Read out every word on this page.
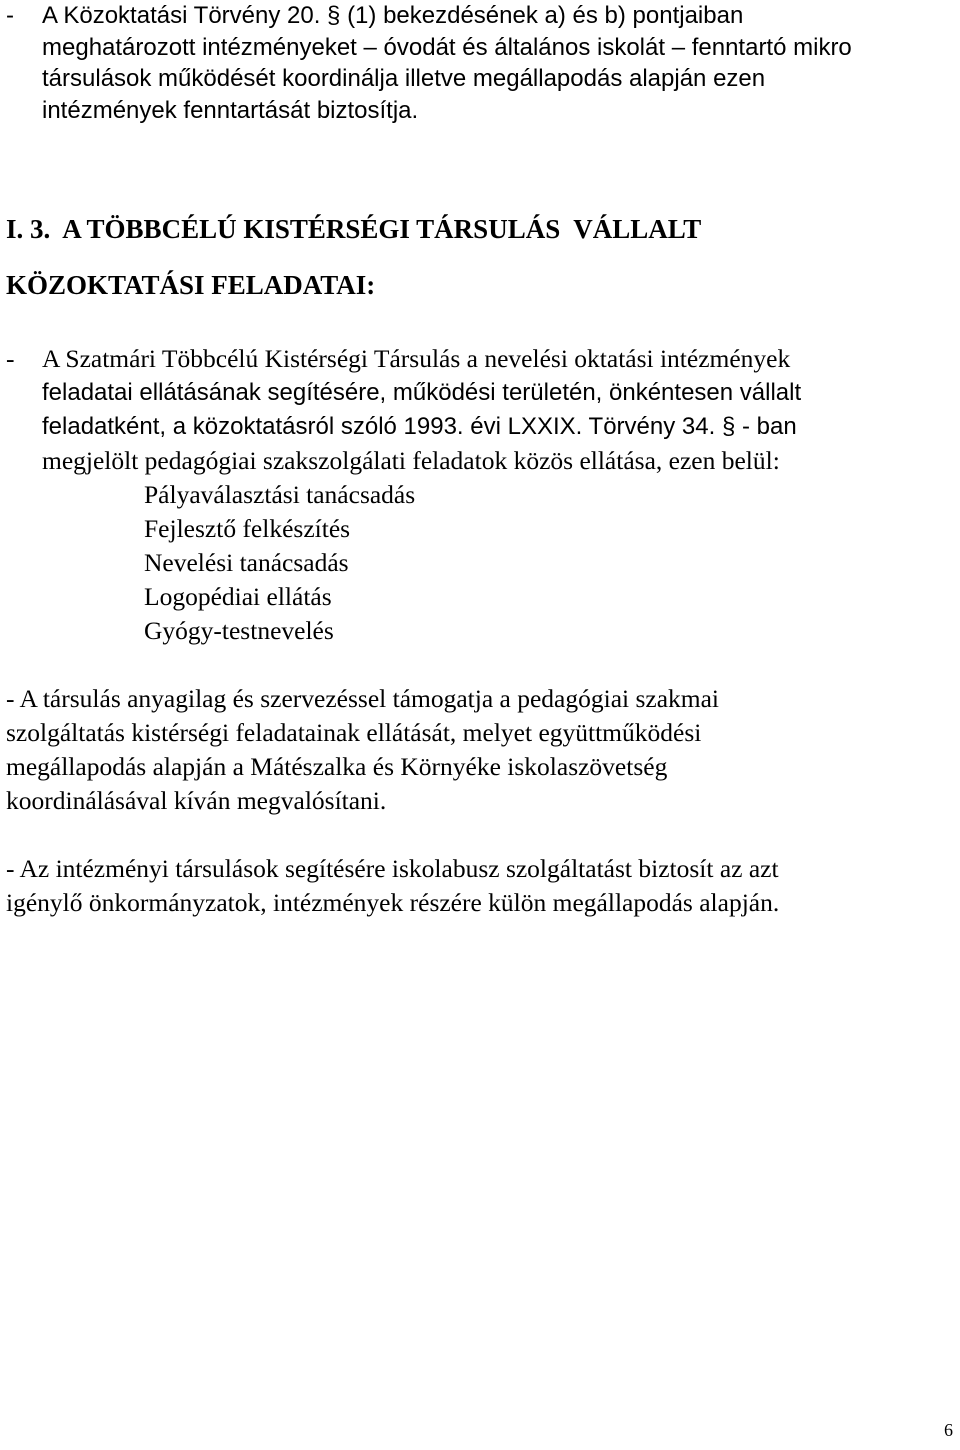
- A Közoktatási Törvény 20. § (1) bekezdésének a) és b) pontjaiban
meghatározott intézményeket – óvodát és általános iskolát – fenntartó mikro
társulások működését koordinálja illetve megállapodás alapján ezen
intézmények fenntartását biztosítja.
I. 3.  A TÖBBCÉLÚ KISTÉRSÉGI TÁRSULÁS  VÁLLALT
KÖZOKTATÁSI FELADATAI:
- A Szatmári Többcélú Kistérségi Társulás a nevelési oktatási intézmények
feladatai ellátásának segítésére, működési területén, önkéntesen vállalt
feladatként, a közoktatásról szóló 1993. évi LXXIX. Törvény 34. § - ban
megjelölt pedagógiai szakszolgálati feladatok közös ellátása, ezen belül:
Pályaválasztási tanácsadás
Fejlesztő felkészítés
Nevelési tanácsadás
Logopédiai ellátás
Gyógy-testnevelés
- A társulás anyagilag és szervezéssel támogatja a pedagógiai szakmai
szolgáltatás kistérségi feladatainak ellátását, melyet együttműködési
megállapodás alapján a Mátészalka és Környéke iskolaszövetség
koordinálásával kíván megvalósítani.
- Az intézményi társulások segítésére iskolabusz szolgáltatást biztosít az azt
igénylő önkormányzatok, intézmények részére külön megállapodás alapján.
6
